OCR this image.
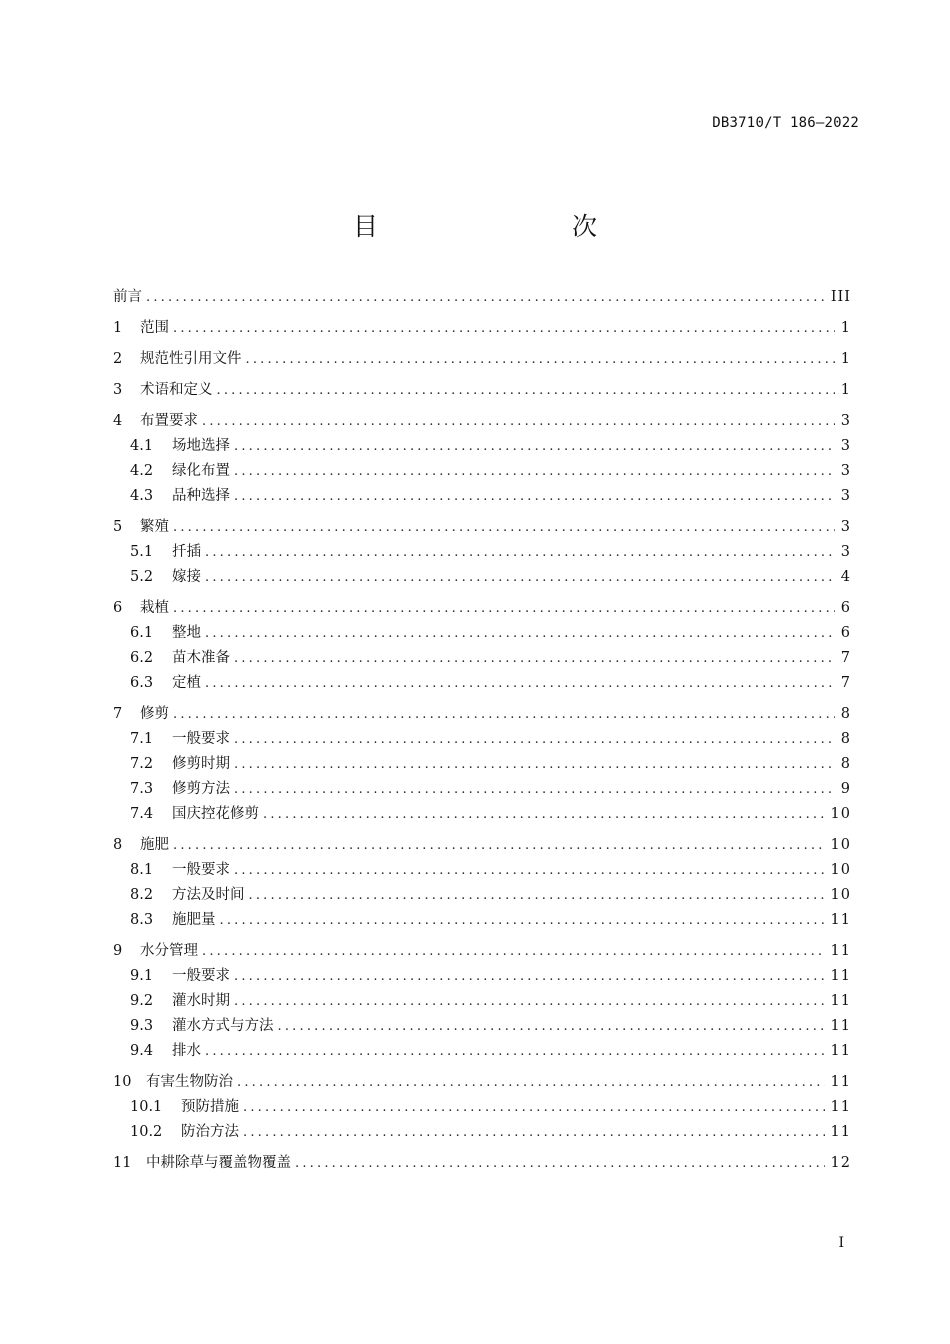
DB3710/T 186—2022
目　　次
前言 .....	III
1	范围 .....	1
2	规范性引用文件 .....	1
3	术语和定义 .....	1
4	布置要求 .....	3
4.1	场地选择 .....	3
4.2	绿化布置 .....	3
4.3	品种选择 .....	3
5	繁殖 .....	3
5.1	扦插 .....	3
5.2	嫁接 .....	4
6	栽植 .....	6
6.1	整地 .....	6
6.2	苗木准备 .....	7
6.3	定植 .....	7
7	修剪 .....	8
7.1	一般要求 .....	8
7.2	修剪时期 .....	8
7.3	修剪方法 .....	9
7.4	国庆控花修剪 .....	10
8	施肥 .....	10
8.1	一般要求 .....	10
8.2	方法及时间 .....	10
8.3	施肥量 .....	11
9	水分管理 .....	11
9.1	一般要求 .....	11
9.2	灌水时期 .....	11
9.3	灌水方式与方法 .....	11
9.4	排水 .....	11
10	有害生物防治 .....	11
10.1	预防措施 .....	11
10.2	防治方法 .....	11
11	中耕除草与覆盖物覆盖 .....	12
I
